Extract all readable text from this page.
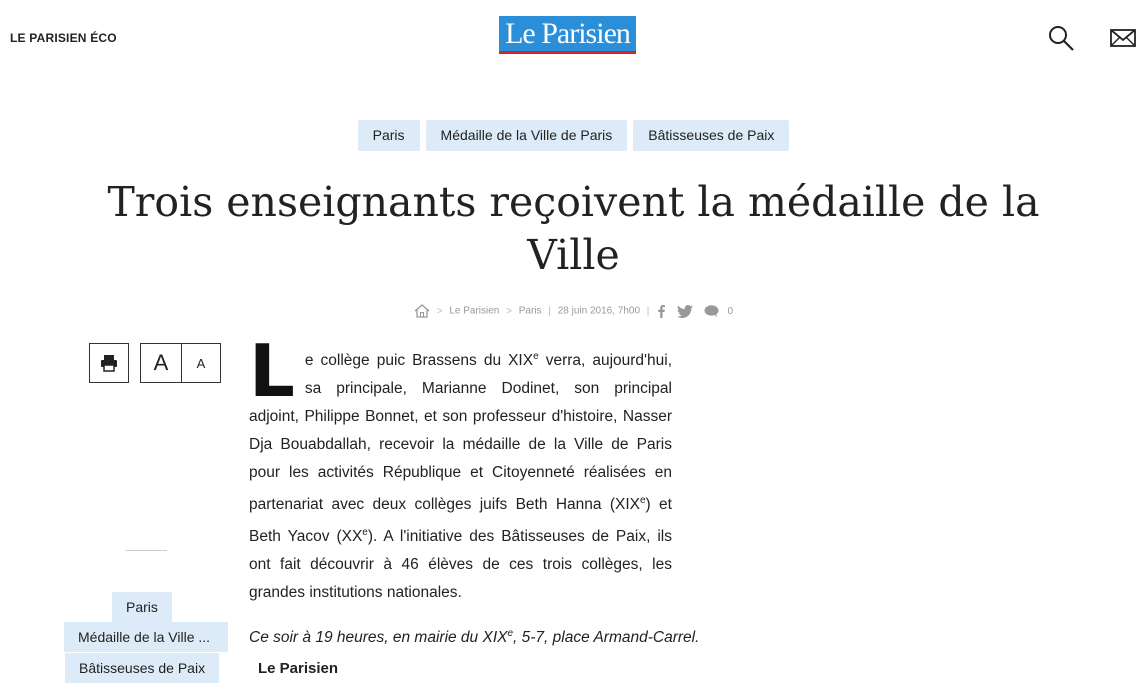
LE PARISIEN ÉCO	Le Parisien
Paris	Médaille de la Ville de Paris	Bâtisseuses de Paix
Trois enseignants reçoivent la médaille de la Ville
> Le Parisien > Paris | 28 juin 2016, 7h00 |	0
A	A
Paris
Médaille de la Ville ...
Bâtisseuses de Paix
Le collège puic Brassens du XIXe verra, aujourd'hui, sa principale, Marianne Dodinet, son principal adjoint, Philippe Bonnet, et son professeur d'histoire, Nasser Dja Bouabdallah, recevoir la médaille de la Ville de Paris pour les activités République et Citoyenneté réalisées en partenariat avec deux collèges juifs Beth Hanna (XIXe) et Beth Yacov (XXe). A l'initiative des Bâtisseuses de Paix, ils ont fait découvrir à 46 élèves de ces trois collèges, les grandes institutions nationales.
Ce soir à 19 heures, en mairie du XIXe, 5-7, place Armand-Carrel.
Le Parisien
